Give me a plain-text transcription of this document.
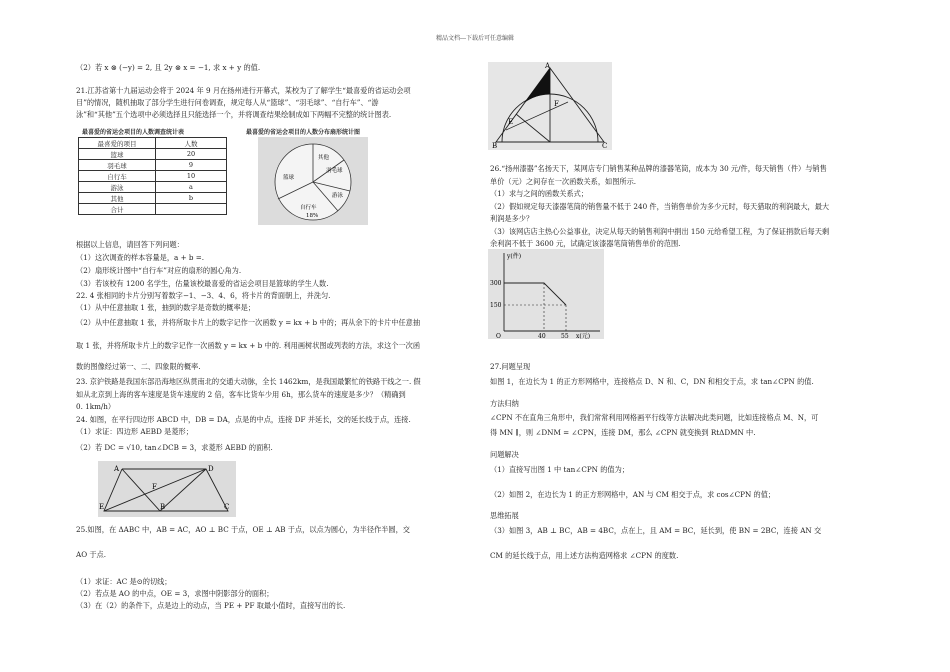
精品文档---下载后可任意编辑
（2）若 x ⊗ (−y) = 2, 且 2y ⊗ x = −1, 求 x + y 的值.
21.江苏省第十九届运动会将于 2024 年 9 月在扬州进行开幕式，某校为了了解学生“最喜爱的省运动会项
目”的情况，随机抽取了部分学生进行问卷调查，规定每人从“篮球”、“羽毛球”、“自行车”、“游
泳”和“其他”五个选项中必须选择且只能选择一个，并将调查结果绘制成如下两幅不完整的统计图表.
最喜爱的省运会项目的人数调查统计表
最喜爱的项目	人数
篮球	20
羽毛球	9
自行车	10
游泳	a
其他	b
合计	
最喜爱的省运会项目的人数分布扇形统计图
其他
羽毛球
篮球
游泳
自行车
18%
根据以上信息，请回答下列问题：
（1）这次调查的样本容量是，a + b =.
（2）扇形统计图中“自行车”对应的扇形的圆心角为.
（3）若该校有 1200 名学生，估量该校最喜爱的省运会项目是篮球的学生人数.
22. 4 张相同的卡片分别写着数字−1、−3、4、6，将卡片的背面朝上，并洗匀.
（1）从中任意抽取 1 张，抽到的数字是奇数的概率是；
（2）从中任意抽取 1 张，并将所取卡片上的数字记作一次函数 y = kx + b 中的；再从余下的卡片中任意抽
取 1 张，并将所取卡片上的数字记作一次函数 y = kx + b 中的. 利用画树状图或列表的方法，求这个一次函
数的图像经过第一、二、四象限的概率.
23. 京沪铁路是我国东部沿海地区纵贯南北的交通大动脉，全长 1462km，是我国最繁忙的铁路干线之一. 假
如从北京到上海的客车速度是货车速度的 2 倍，客车比货车少用 6h，那么货车的速度是多少？（精确到
0. 1km/h）
24. 如图，在平行四边形 ABCD 中，DB = DA，点是的中点，连接 DF 并延长，交的延长线于点，连接.
（1）求证：四边形 AEBD 是菱形；
（2）若 DC = √10, tan∠DCB = 3，求菱形 AEBD 的面积.
A	D
F
E	B	C
25.如图，在 ΔABC 中，AB = AC，AO ⊥ BC 于点，OE ⊥ AB 于点，以点为圆心，为半径作半圆，交
AO 于点.
（1）求证：AC 是⊙的切线；
（2）若点是 AO 的中点，OE = 3，求图中阴影部分的面积；
（3）在（2）的条件下，点是边上的动点，当 PE + PF 取最小值时，直接写出的长.
A
F
E
B	C
26.“扬州漆器”名扬天下，某网店专门销售某种品牌的漆器笔筒，成本为 30 元/件，每天销售（件）与销售
单价（元）之间存在一次函数关系，如图所示.
（1）求与之间的函数关系式；
（2）假如规定每天漆器笔筒的销售量不低于 240 件，当销售单价为多少元时，每天猎取的利润最大，最大
利润是多少？
（3）该网店店主热心公益事业，决定从每天的销售利润中捐出 150 元给希望工程，为了保证捐款后每天剩
余利润不低于 3600 元，试确定该漆器笔筒销售单价的范围.
y(件)
300
150
O	40	55 x(元)
27.问题呈现
如图 1，在边长为 1 的正方形网格中，连接格点 D、N 和、C，DN 和相交于点，求 tan∠CPN 的值.
方法归纳
∠CPN 不在直角三角形中，我们常常利用网格画平行线等方法解决此类问题，比如连接格点 M、N，可
得 MN ∥，则 ∠DNM = ∠CPN，连接 DM，那么 ∠CPN 就变换到 RtΔDMN 中.
问题解决
（1）直接写出图 1 中 tan∠CPN 的值为；
（2）如图 2，在边长为 1 的正方形网格中，AN 与 CM 相交于点，求 cos∠CPN 的值；
思维拓展
（3）如图 3，AB ⊥ BC，AB = 4BC，点在上，且 AM = BC，延长到，使 BN = 2BC，连接 AN 交
CM 的延长线于点，用上述方法构造网格求 ∠CPN 的度数.
